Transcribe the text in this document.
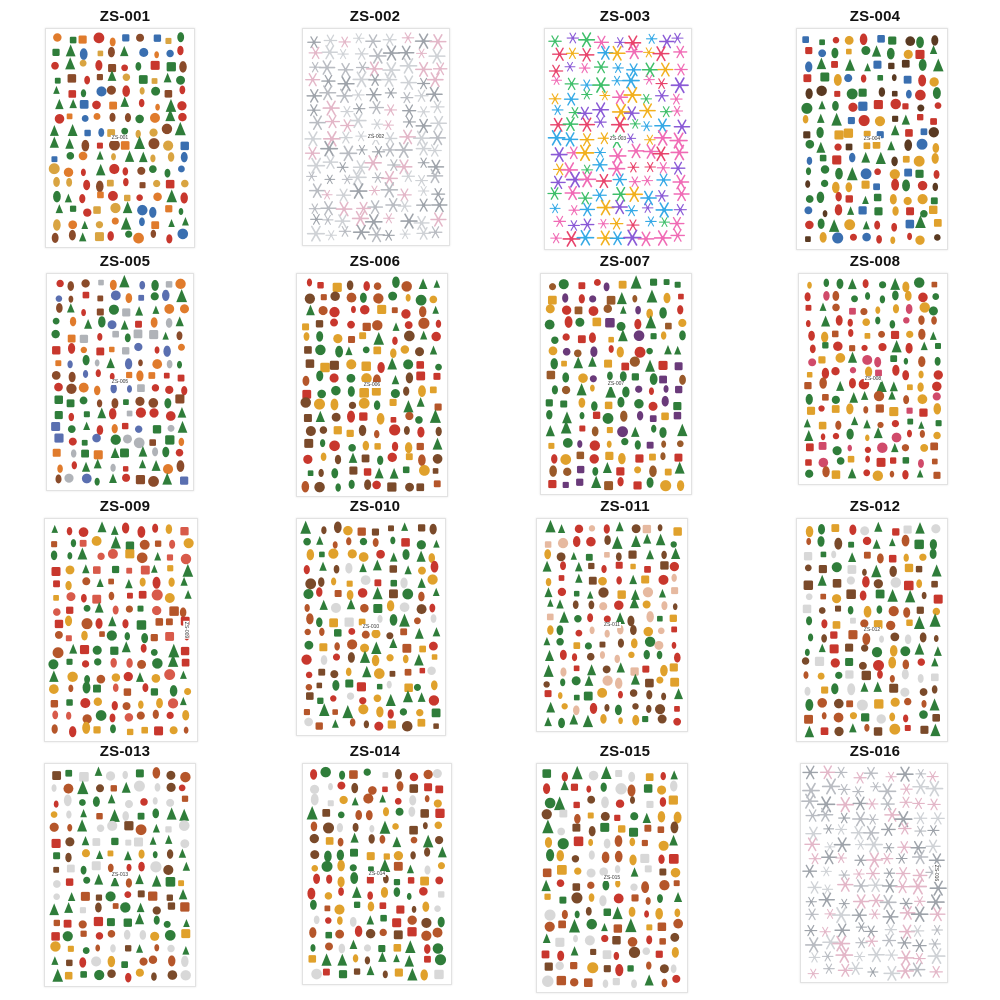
ZS-001
ZS-001
ZS-002
ZS-002
ZS-003
ZS-003
ZS-004
ZS-004
ZS-005
ZS-005
ZS-006
ZS-006
ZS-007
ZS-007
ZS-008
ZS-008
ZS-009
ZS-009
ZS-010
ZS-010
ZS-011
ZS-011
ZS-012
ZS-012
ZS-013
ZS-013
ZS-014
ZS-014
ZS-015
ZS-015
ZS-016
ZS-016
